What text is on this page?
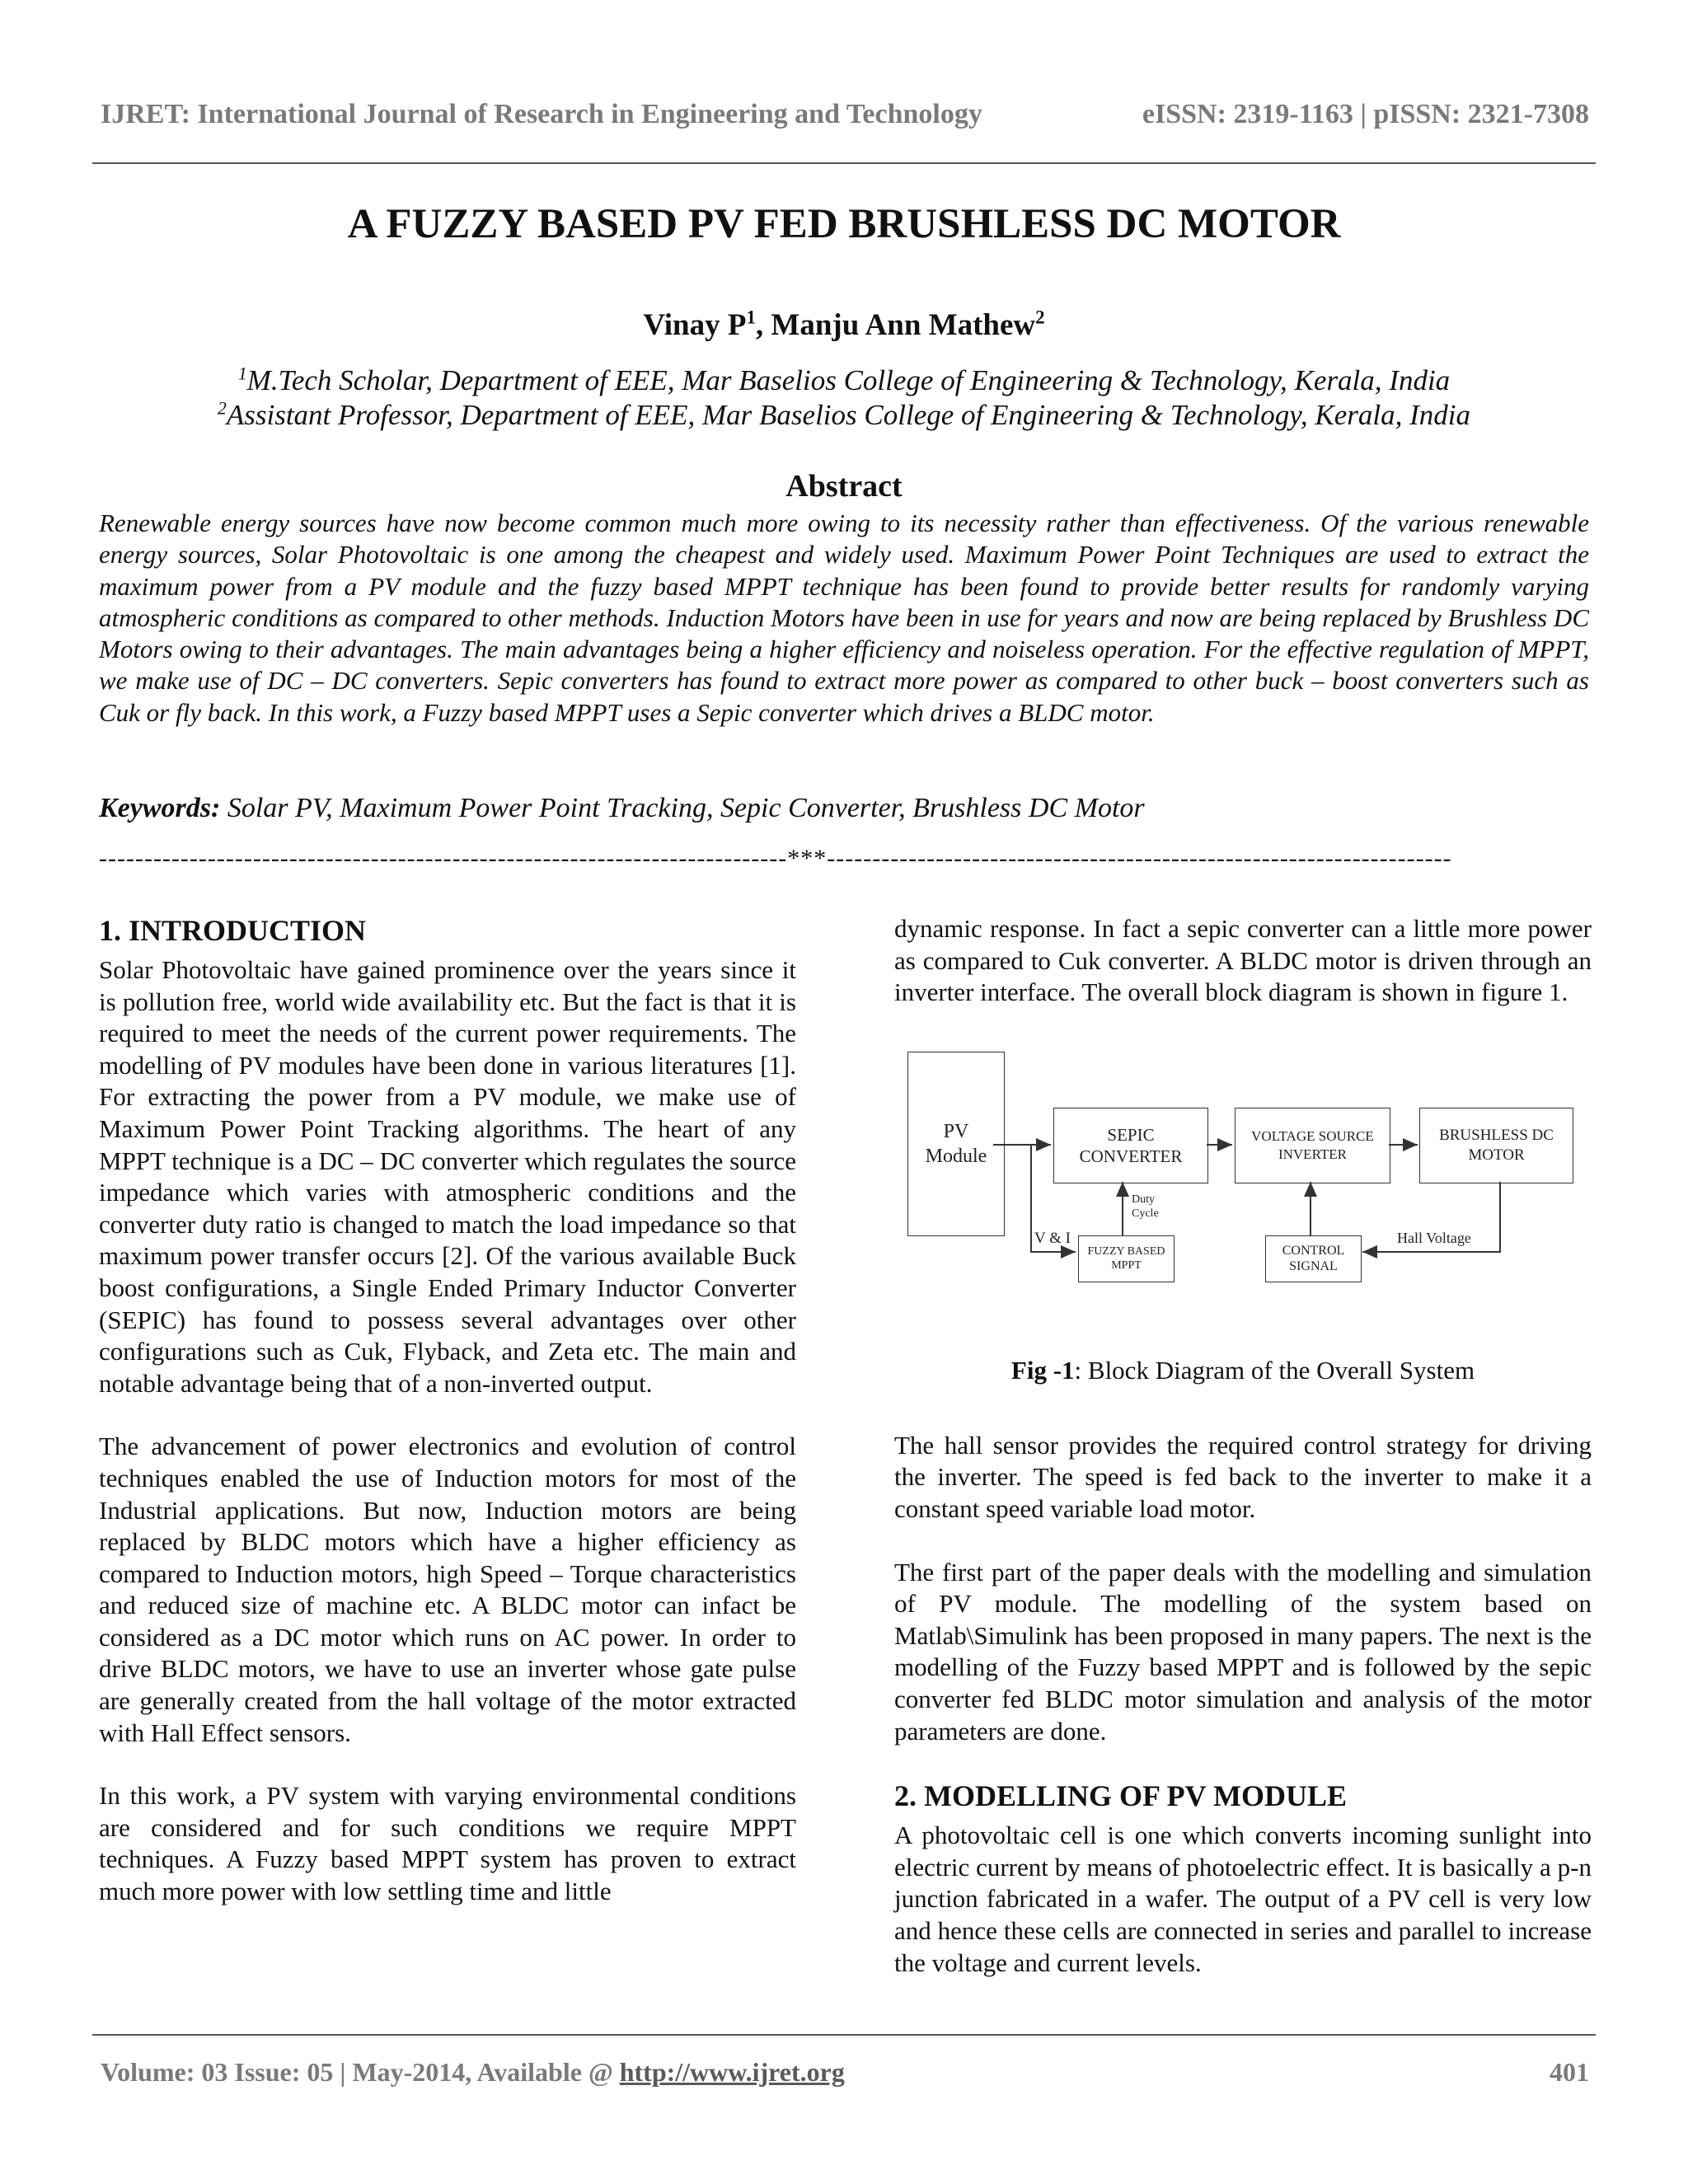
IJRET: International Journal of Research in Engineering and Technology	eISSN: 2319-1163 | pISSN: 2321-7308
A FUZZY BASED PV FED BRUSHLESS DC MOTOR
Vinay $P^1$, Manju Ann Mathew$^2$
$^1$M.Tech Scholar, Department of EEE, Mar Baselios College of Engineering & Technology, Kerala, India
$^2$Assistant Professor, Department of EEE, Mar Baselios College of Engineering & Technology, Kerala, India
Abstract

Renewable energy sources have now become common much more owing to its necessity rather than effectiveness. Of the various renewable energy sources, Solar Photovoltaic is one among the cheapest and widely used. Maximum Power Point Techniques are used to extract the maximum power from a PV module and the fuzzy based MPPT technique has been found to provide better results for randomly varying atmospheric conditions as compared to other methods. Induction Motors have been in use for years and now are being replaced by Brushless DC Motors owing to their advantages. The main advantages being a higher efficiency and noiseless operation. For the effective regulation of MPPT, we make use of DC – DC converters. Sepic converters has found to extract more power as compared to other buck – boost converters such as Cuk or fly back. In this work, a Fuzzy based MPPT uses a Sepic converter which drives a BLDC motor.

Keywords: Solar PV, Maximum Power Point Tracking, Sepic Converter, Brushless DC Motor
----------------------------------------------------------------------------***---------------------------------------------------------------------
1. INTRODUCTION

Solar Photovoltaic have gained prominence over the years since it is pollution free, world wide availability etc. But the fact is that it is required to meet the needs of the current power requirements. The modelling of PV modules have been done in various literatures [1]. For extracting the power from a PV module, we make use of Maximum Power Point Tracking algorithms. The heart of any MPPT technique is a DC – DC converter which regulates the source impedance which varies with atmospheric conditions and the converter duty ratio is changed to match the load impedance so that maximum power transfer occurs [2]. Of the various available Buck boost configurations, a Single Ended Primary Inductor Converter (SEPIC) has found to possess several advantages over other configurations such as Cuk, Flyback, and Zeta etc. The main and notable advantage being that of a non-inverted output.

The advancement of power electronics and evolution of control techniques enabled the use of Induction motors for most of the Industrial applications. But now, Induction motors are being replaced by BLDC motors which have a higher efficiency as compared to Induction motors, high Speed – Torque characteristics and reduced size of machine etc. A BLDC motor can infact be considered as a DC motor which runs on AC power. In order to drive BLDC motors, we have to use an inverter whose gate pulse are generally created from the hall voltage of the motor extracted with Hall Effect sensors.

In this work, a PV system with varying environmental conditions are considered and for such conditions we require MPPT techniques. A Fuzzy based MPPT system has proven to extract much more power with low settling time and little

dynamic response. In fact a sepic converter can a little more power as compared to Cuk converter. A BLDC motor is driven through an inverter interface. The overall block diagram is shown in figure 1.

PV
Module
SEPIC
CONVERTER
VOLTAGE SOURCE
INVERTER
BRUSHLESS DC
MOTOR
FUZZY BASED
MPPT
CONTROL
SIGNAL
Duty
Cycle
V & I	Hall Voltage
Fig -1: Block Diagram of the Overall System

The hall sensor provides the required control strategy for driving the inverter. The speed is fed back to the inverter to make it a constant speed variable load motor.

The first part of the paper deals with the modelling and simulation of PV module. The modelling of the system based on Matlab\Simulink has been proposed in many papers. The next is the modelling of the Fuzzy based MPPT and is followed by the sepic converter fed BLDC motor simulation and analysis of the motor parameters are done.

2. MODELLING OF PV MODULE

A photovoltaic cell is one which converts incoming sunlight into electric current by means of photoelectric effect. It is basically a p-n junction fabricated in a wafer. The output of a PV cell is very low and hence these cells are connected in series and parallel to increase the voltage and current levels.

Volume: 03 Issue: 05 | May-2014, Available @ http://www.ijret.org	401
